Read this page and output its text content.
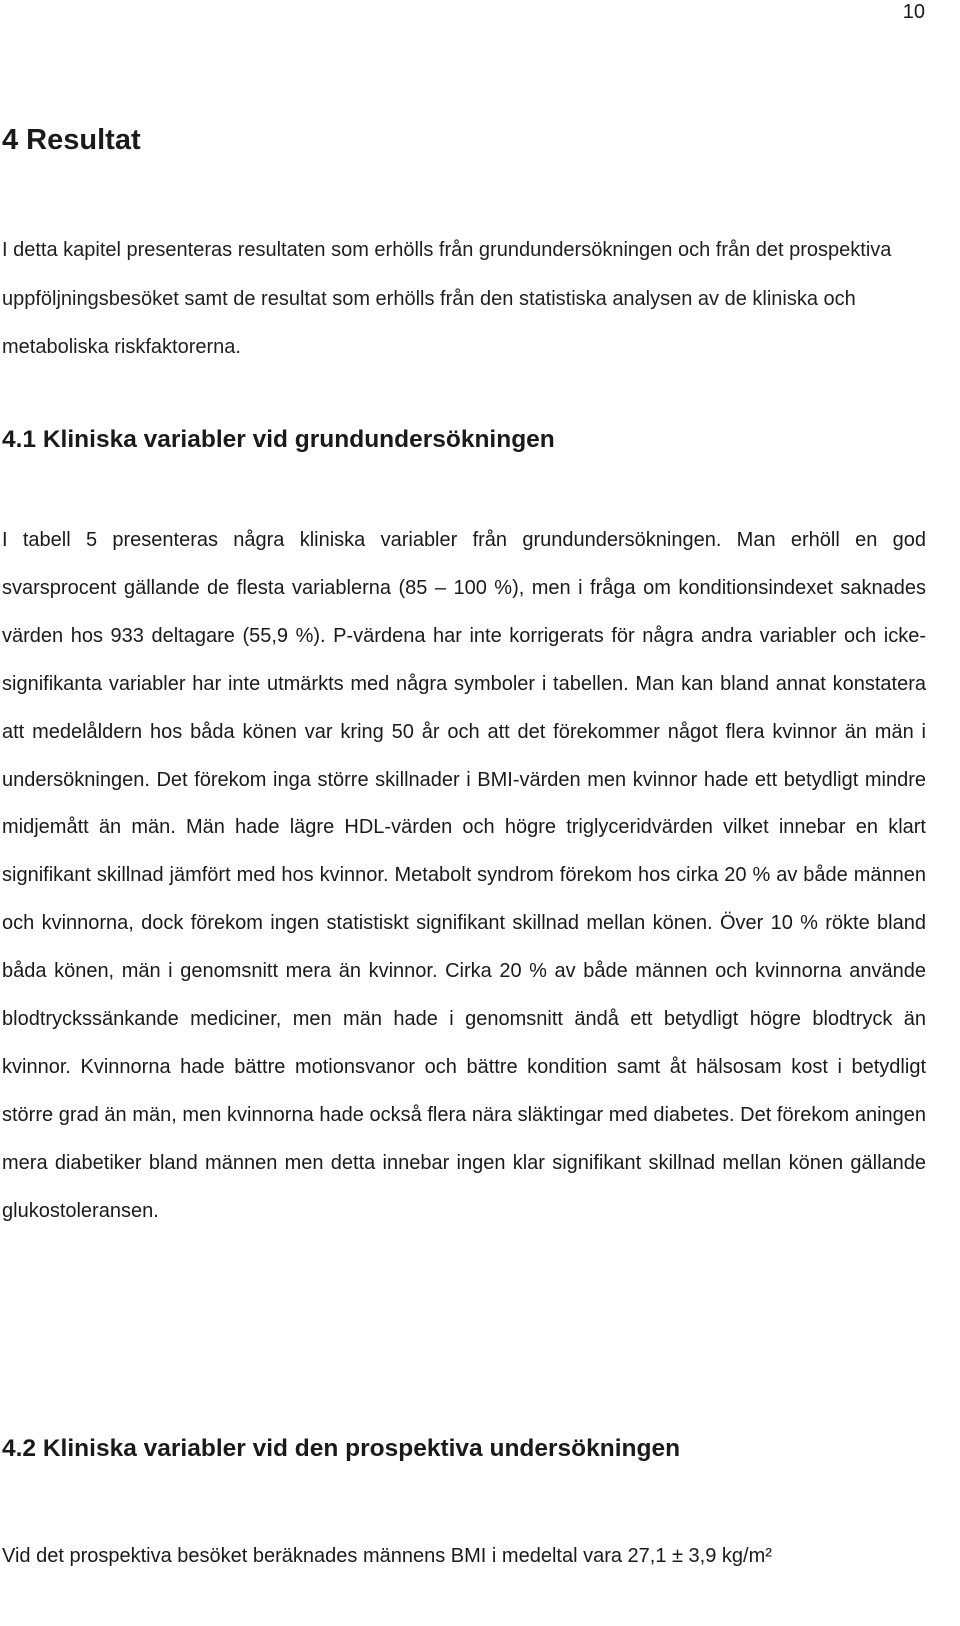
10
4 Resultat

I detta kapitel presenteras resultaten som erhölls från grundundersökningen och från det prospektiva uppföljningsbesöket samt de resultat som erhölls från den statistiska analysen av de kliniska och metaboliska riskfaktorerna.

4.1 Kliniska variabler vid grundundersökningen

I tabell 5 presenteras några kliniska variabler från grundundersökningen. Man erhöll en god svarsprocent gällande de flesta variablerna (85 – 100 %), men i fråga om konditionsindexet saknades värden hos 933 deltagare (55,9 %). P-värdena har inte korrigerats för några andra variabler och icke-signifikanta variabler har inte utmärkts med några symboler i tabellen. Man kan bland annat konstatera att medelåldern hos båda könen var kring 50 år och att det förekommer något flera kvinnor än män i undersökningen. Det förekom inga större skillnader i BMI-värden men kvinnor hade ett betydligt mindre midjemått än män. Män hade lägre HDL-värden och högre triglyceridvärden vilket innebar en klart signifikant skillnad jämfört med hos kvinnor. Metabolt syndrom förekom hos cirka 20 % av både männen och kvinnorna, dock förekom ingen statistiskt signifikant skillnad mellan könen. Över 10 % rökte bland båda könen, män i genomsnitt mera än kvinnor. Cirka 20 % av både männen och kvinnorna använde blodtryckssänkande mediciner, men män hade i genomsnitt ändå ett betydligt högre blodtryck än kvinnor. Kvinnorna hade bättre motionsvanor och bättre kondition samt åt hälsosam kost i betydligt större grad än män, men kvinnorna hade också flera nära släktingar med diabetes. Det förekom aningen mera diabetiker bland männen men detta innebar ingen klar signifikant skillnad mellan könen gällande glukostoleransen.

4.2 Kliniska variabler vid den prospektiva undersökningen

Vid det prospektiva besöket beräknades männens BMI i medeltal vara 27,1 ± 3,9 kg/m²
